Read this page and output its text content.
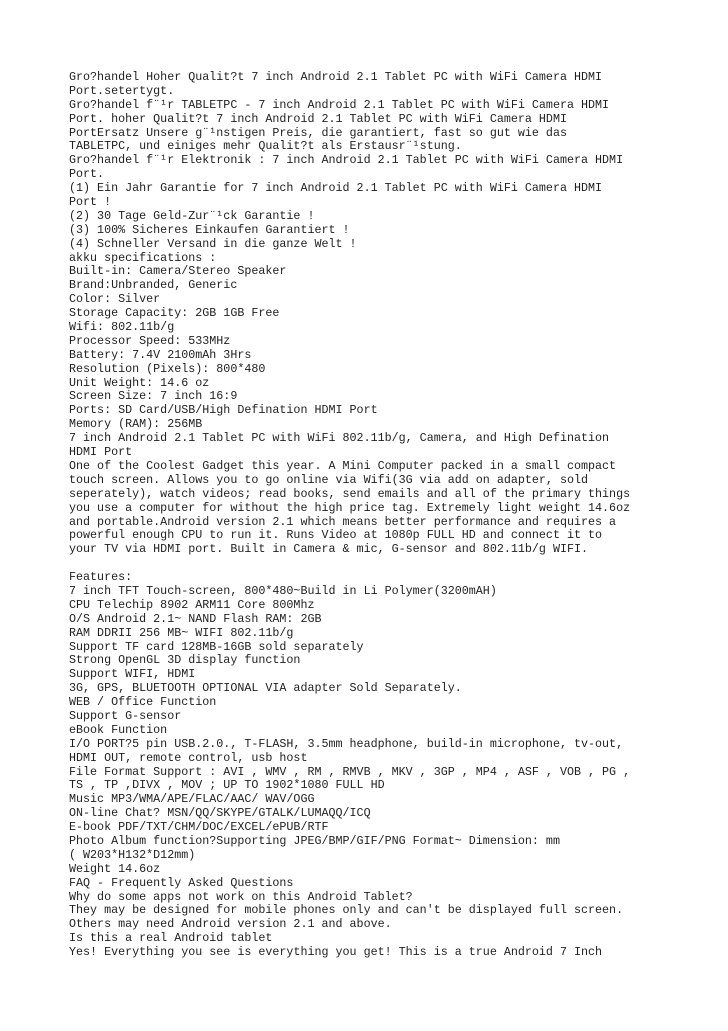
Gro?handel Hoher Qualit?t 7 inch Android 2.1 Tablet PC with WiFi Camera HDMI
Port.setertygt.
Gro?handel f¨¹r TABLETPC - 7 inch Android 2.1 Tablet PC with WiFi Camera HDMI
Port. hoher Qualit?t 7 inch Android 2.1 Tablet PC with WiFi Camera HDMI
PortErsatz Unsere g¨¹nstigen Preis, die garantiert, fast so gut wie das
TABLETPC, und einiges mehr Qualit?t als Erstausr¨¹stung.
Gro?handel f¨¹r Elektronik : 7 inch Android 2.1 Tablet PC with WiFi Camera HDMI
Port.
(1) Ein Jahr Garantie for 7 inch Android 2.1 Tablet PC with WiFi Camera HDMI
Port !
(2) 30 Tage Geld-Zur¨¹ck Garantie !
(3) 100% Sicheres Einkaufen Garantiert !
(4) Schneller Versand in die ganze Welt !
akku specifications :
Built-in: Camera/Stereo Speaker
Brand:Unbranded, Generic
Color: Silver
Storage Capacity: 2GB 1GB Free
Wifi: 802.11b/g
Processor Speed: 533MHz
Battery: 7.4V 2100mAh 3Hrs
Resolution (Pixels): 800*480
Unit Weight: 14.6 oz
Screen Size: 7 inch 16:9
Ports: SD Card/USB/High Defination HDMI Port
Memory (RAM): 256MB
7 inch Android 2.1 Tablet PC with WiFi 802.11b/g, Camera, and High Defination
HDMI Port
One of the Coolest Gadget this year. A Mini Computer packed in a small compact
touch screen. Allows you to go online via Wifi(3G via add on adapter, sold
seperately), watch videos; read books, send emails and all of the primary things
you use a computer for without the high price tag. Extremely light weight 14.6oz
and portable.Android version 2.1 which means better performance and requires a
powerful enough CPU to run it. Runs Video at 1080p FULL HD and connect it to
your TV via HDMI port. Built in Camera & mic, G-sensor and 802.11b/g WIFI.
Features:
7 inch TFT Touch-screen, 800*480~Build in Li Polymer(3200mAH)
CPU Telechip 8902 ARM11 Core 800Mhz
O/S Android 2.1~ NAND Flash RAM: 2GB
RAM DDRII 256 MB~ WIFI 802.11b/g
Support TF card 128MB-16GB sold separately
Strong OpenGL 3D display function
Support WIFI, HDMI
3G, GPS, BLUETOOTH OPTIONAL VIA adapter Sold Separately.
WEB / Office Function
Support G-sensor
eBook Function
I/O PORT?5 pin USB.2.0., T-FLASH, 3.5mm headphone, build-in microphone, tv-out,
HDMI OUT, remote control, usb host
File Format Support : AVI , WMV , RM , RMVB , MKV , 3GP , MP4 , ASF , VOB , PG ,
TS , TP ,DIVX , MOV ; UP TO 1902*1080 FULL HD
Music MP3/WMA/APE/FLAC/AAC/ WAV/OGG
ON-line Chat? MSN/QQ/SKYPE/GTALK/LUMAQQ/ICQ
E-book PDF/TXT/CHM/DOC/EXCEL/ePUB/RTF
Photo Album function?Supporting JPEG/BMP/GIF/PNG Format~ Dimension: mm
( W203*H132*D12mm)
Weight 14.6oz
FAQ - Frequently Asked Questions
Why do some apps not work on this Android Tablet?
They may be designed for mobile phones only and can't be displayed full screen.
Others may need Android version 2.1 and above.
Is this a real Android tablet
Yes! Everything you see is everything you get! This is a true Android 7 Inch
